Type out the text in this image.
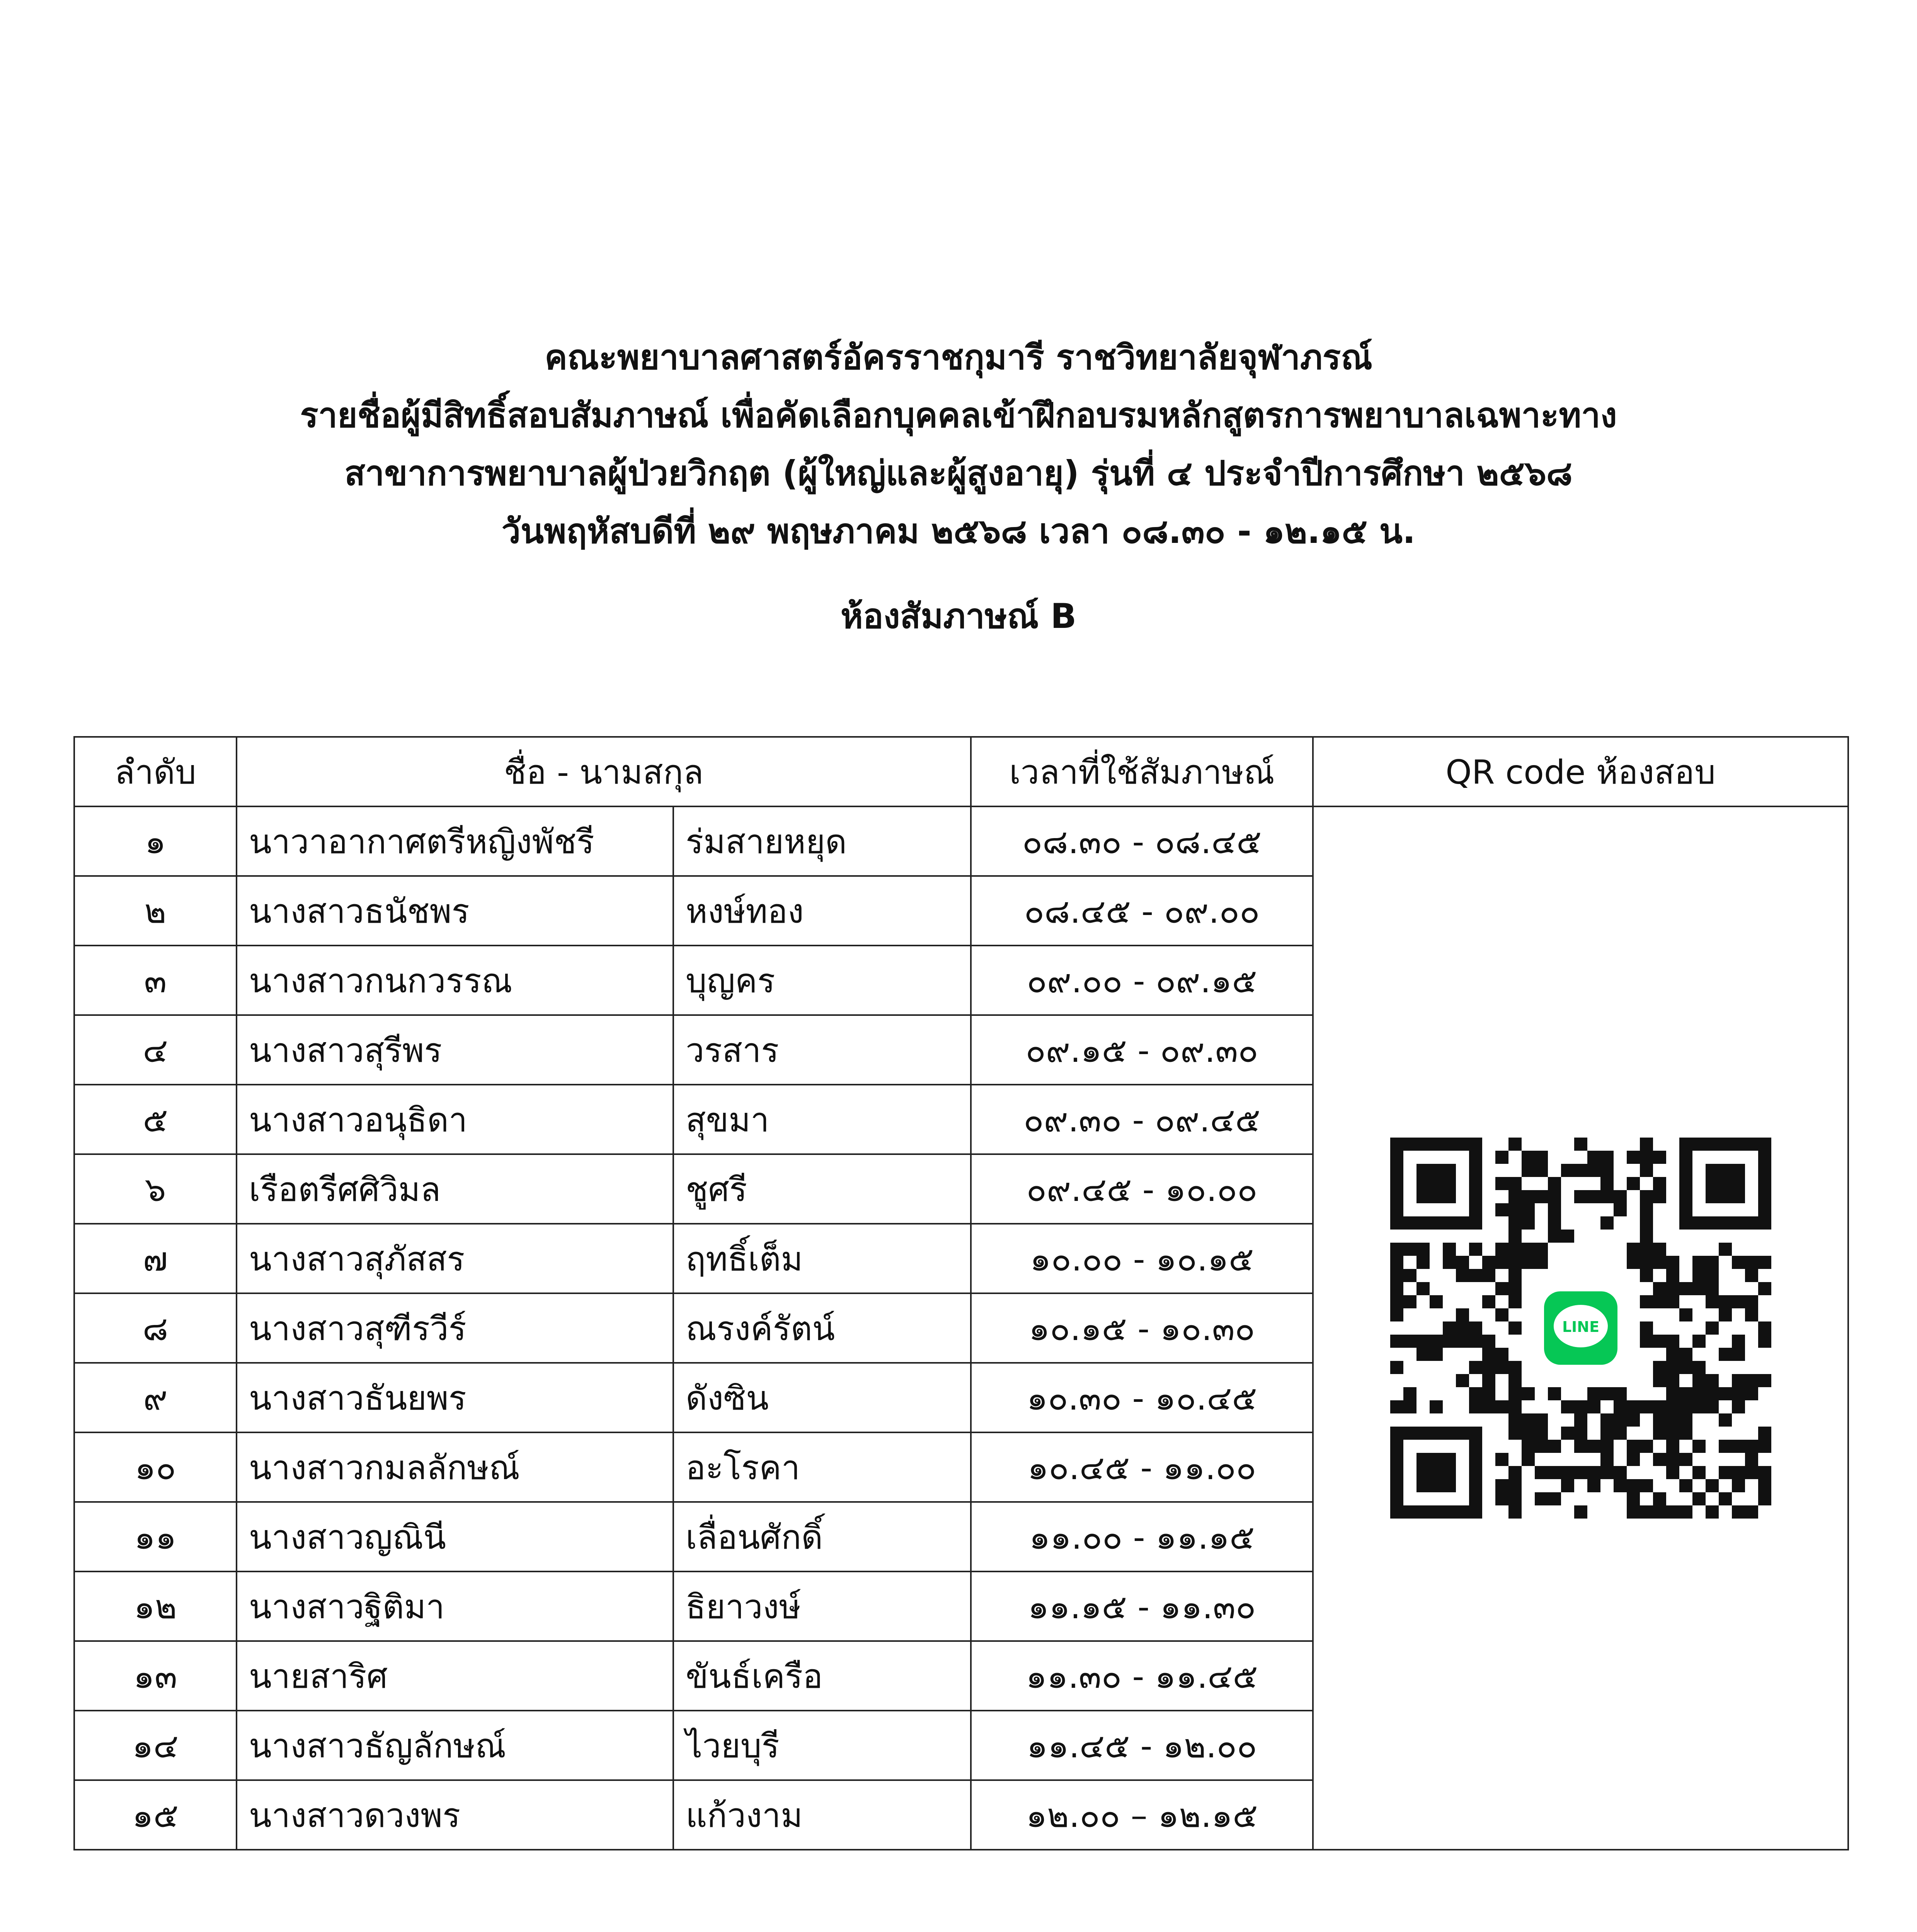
คณะพยาบาลศาสตร์อัครราชกุมารี ราชวิทยาลัยจุฬาภรณ์
รายชื่อผู้มีสิทธิ์สอบสัมภาษณ์ เพื่อคัดเลือกบุคคลเข้าฝึกอบรมหลักสูตรการพยาบาลเฉพาะทาง
สาขาการพยาบาลผู้ป่วยวิกฤต (ผู้ใหญ่และผู้สูงอายุ) รุ่นที่ ๔ ประจำปีการศึกษา ๒๕๖๘
วันพฤหัสบดีที่ ๒๙ พฤษภาคม ๒๕๖๘ เวลา ๐๘.๓๐ - ๑๒.๑๕ น.
ห้องสัมภาษณ์ B
ลำดับ	ชื่อ - นามสกุล		เวลาที่ใช้สัมภาษณ์	QR code ห้องสอบ
๑	นาวาอากาศตรีหญิงพัชรี	ร่มสายหยุด	๐๘.๓๐ - ๐๘.๔๕	LINE

๒	นางสาวธนัชพร	หงษ์ทอง	๐๘.๔๕ - ๐๙.๐๐	
๓	นางสาวกนกวรรณ	บุญคร	๐๙.๐๐ - ๐๙.๑๕	
๔	นางสาวสุรีพร	วรสาร	๐๙.๑๕ - ๐๙.๓๐	
๕	นางสาวอนุธิดา	สุขมา	๐๙.๓๐ - ๐๙.๔๕	
๖	เรือตรีศศิวิมล	ชูศรี	๐๙.๔๕ - ๑๐.๐๐	
๗	นางสาวสุภัสสร	ฤทธิ์เต็ม	๑๐.๐๐ - ๑๐.๑๕	
๘	นางสาวสุฑีรวีร์	ณรงค์รัตน์	๑๐.๑๕ - ๑๐.๓๐	
๙	นางสาวธันยพร	ดังซิน	๑๐.๓๐ - ๑๐.๔๕	
๑๐	นางสาวกมลลักษณ์	อะโรคา	๑๐.๔๕ - ๑๑.๐๐	
๑๑	นางสาวญณินี	เลื่อนศักดิ์	๑๑.๐๐ - ๑๑.๑๕	
๑๒	นางสาวฐิติมา	ธิยาวงษ์	๑๑.๑๕ - ๑๑.๓๐	
๑๓	นายสาริศ	ขันธ์เครือ	๑๑.๓๐ - ๑๑.๔๕	
๑๔	นางสาวธัญลักษณ์	ไวยบุรี	๑๑.๔๕ - ๑๒.๐๐	
๑๕	นางสาวดวงพร	แก้วงาม	๑๒.๐๐ – ๑๒.๑๕	
